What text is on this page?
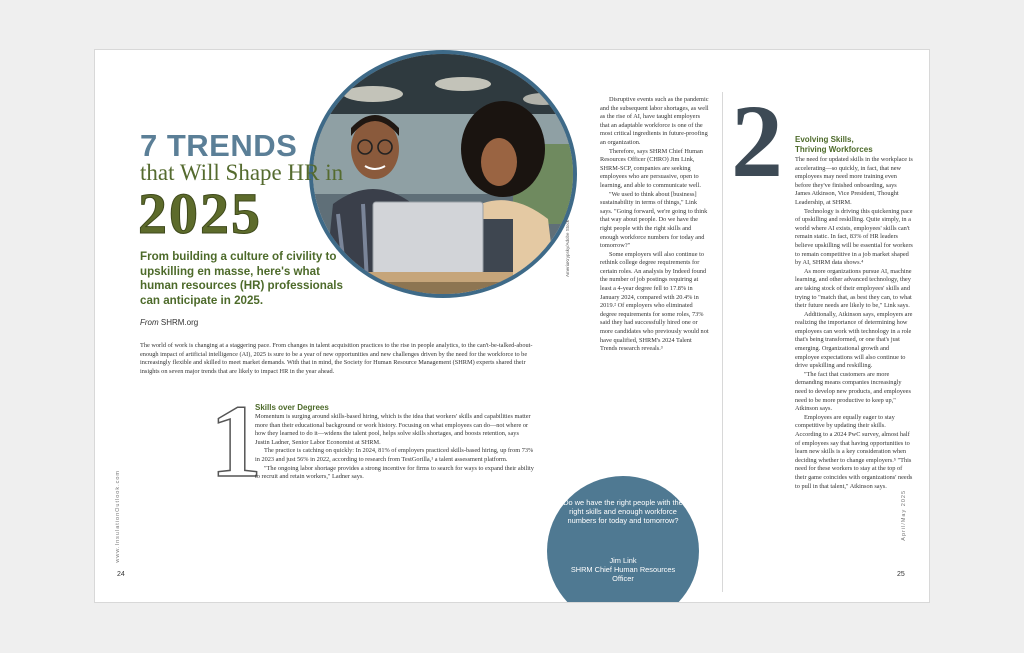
AmeriaKrypsky/Adobe Stock
7 TRENDS
that Will Shape HR in
2025
From building a culture of civility to upskilling en masse, here's what human resources (HR) professionals can anticipate in 2025.
From SHRM.org

The world of work is changing at a staggering pace. From changes in talent acquisition practices to the rise in people analytics, to the can't-be-talked-about-enough impact of artificial intelligence (AI), 2025 is sure to be a year of new opportunities and new challenges driven by the need for the workforce to be increasingly flexible and skilled to meet market demands. With that in mind, the Society for Human Resource Management (SHRM) experts shared their insights on seven major trends that are likely to impact HR in the year ahead.

1
Skills over Degrees

Momentum is surging around skills-based hiring, which is the idea that workers' skills and capabilities matter more than their educational background or work history. Focusing on what employees can do—not where or how they learned to do it—widens the talent pool, helps solve skills shortages, and boosts retention, says Justin Ladner, Senior Labor Economist at SHRM.

The practice is catching on quickly: In 2024, 81% of employers practiced skills-based hiring, up from 73% in 2023 and just 56% in 2022, according to research from TestGorilla,¹ a talent assessment platform.

"The ongoing labor shortage provides a strong incentive for firms to search for ways to expand their ability to recruit and retain workers," Ladner says.

Disruptive events such as the pandemic and the subsequent labor shortages, as well as the rise of AI, have taught employers that an adaptable workforce is one of the most critical ingredients in future-proofing an organization.

Therefore, says SHRM Chief Human Resources Officer (CHRO) Jim Link, SHRM-SCP, companies are seeking employees who are persuasive, open to learning, and able to communicate well.

"We used to think about [business] sustainability in terms of things," Link says. "Going forward, we're going to think that way about people. Do we have the right people with the right skills and enough workforce numbers for today and tomorrow?"

Some employers will also continue to rethink college degree requirements for certain roles. An analysis by Indeed found the number of job postings requiring at least a 4-year degree fell to 17.8% in January 2024, compared with 20.4% in 2019.² Of employers who eliminated degree requirements for some roles, 73% said they had successfully hired one or more candidates who previously would not have qualified, SHRM's 2024 Talent Trends research reveals.³

Do we have the right people with the right skills and enough workforce numbers for today and tomorrow?
Jim Link
SHRM Chief Human Resources Officer
2 Evolving Skills,
Thriving Workforces

The need for updated skills in the workplace is accelerating—so quickly, in fact, that new employees may need more training even before they've finished onboarding, says James Atkinson, Vice President, Thought Leadership, at SHRM.

Technology is driving this quickening pace of upskilling and reskilling. Quite simply, in a world where AI exists, employees' skills can't remain static. In fact, 83% of HR leaders believe upskilling will be essential for workers to remain competitive in a job market shaped by AI, SHRM data shows.⁴

As more organizations pursue AI, machine learning, and other advanced technology, they are taking stock of their employees' skills and trying to "match that, as best they can, to what their future needs are likely to be," Link says.

Additionally, Atkinson says, employers are realizing the importance of determining how employees can work with technology in a role that's being transformed, or one that's just emerging. Organizational growth and employee expectations will also continue to drive upskilling and reskilling.

"The fact that customers are more demanding means companies increasingly need to develop new products, and employees need to be more productive to keep up," Atkinson says.

Employees are equally eager to stay competitive by updating their skills. According to a 2024 PwC survey, almost half of employees say that having opportunities to learn new skills is a key consideration when deciding whether to change employers.⁵ "This need for these workers to stay at the top of their game coincides with organizations' needs to pull in that talent," Atkinson says.

24	25
www.InsulationOutlook.com	April/May 2025
